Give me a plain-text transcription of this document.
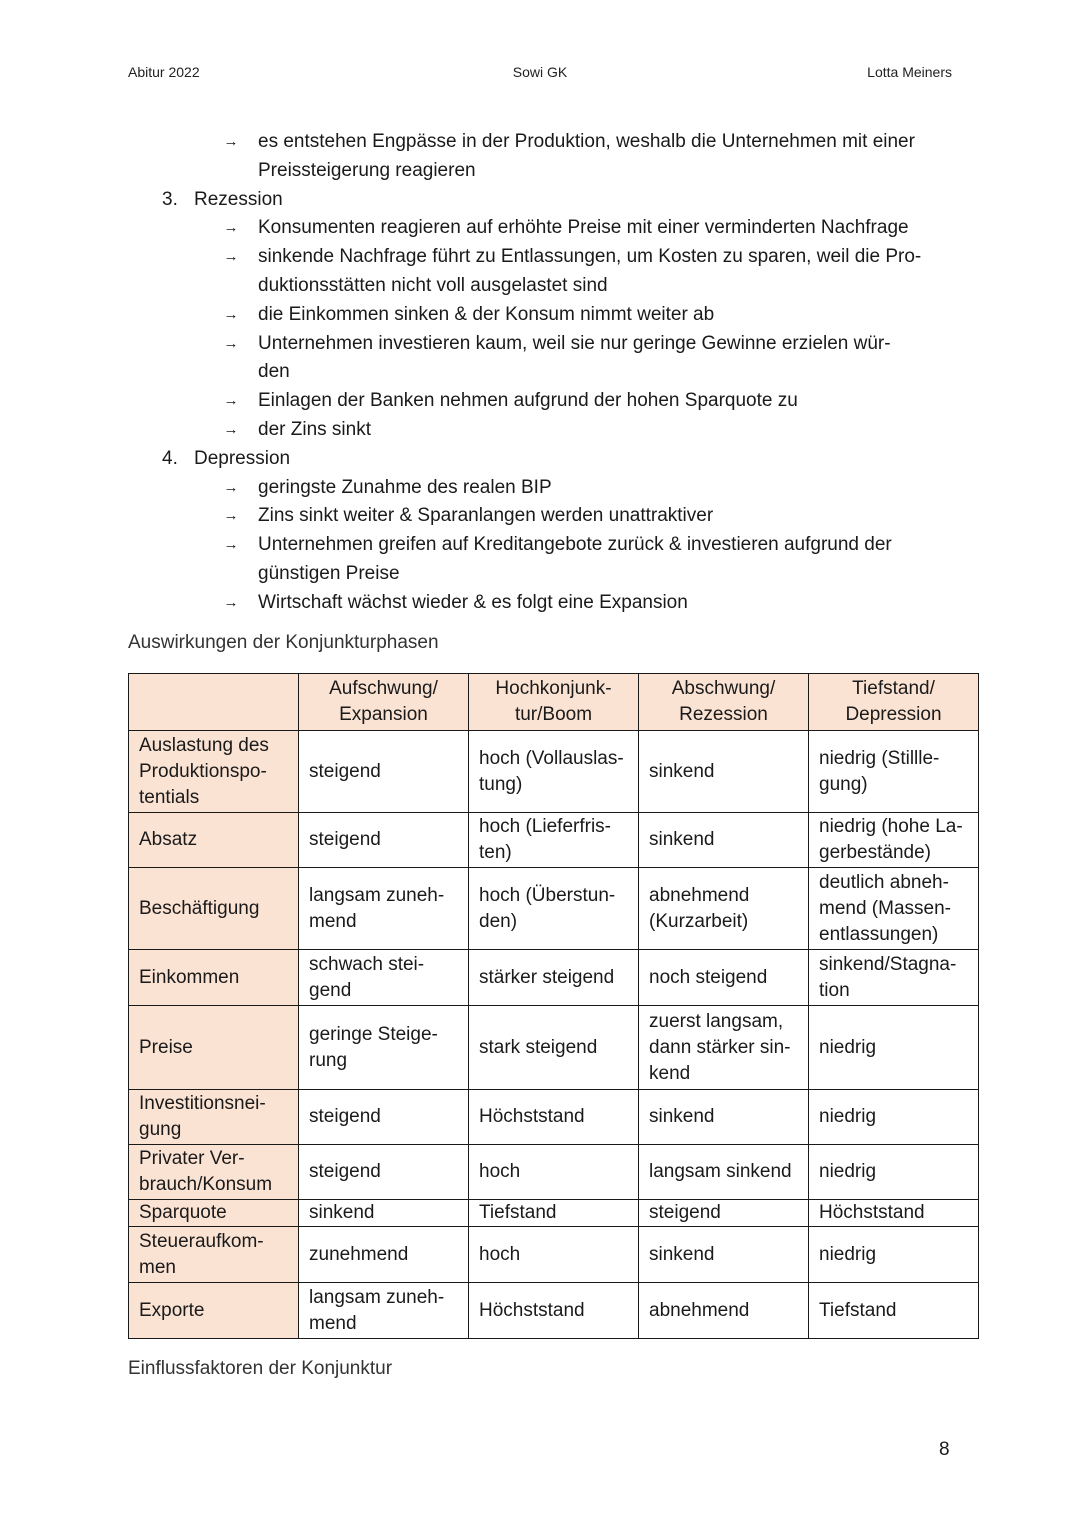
Abitur 2022	Sowi GK	Lotta Meiners
→ es entstehen Engpässe in der Produktion, weshalb die Unternehmen mit einer
Preissteigerung reagieren
3. Rezession
→ Konsumenten reagieren auf erhöhte Preise mit einer verminderten Nachfrage
→ sinkende Nachfrage führt zu Entlassungen, um Kosten zu sparen, weil die Pro-
duktionsstätten nicht voll ausgelastet sind
→ die Einkommen sinken & der Konsum nimmt weiter ab
→ Unternehmen investieren kaum, weil sie nur geringe Gewinne erzielen wür-
den
→ Einlagen der Banken nehmen aufgrund der hohen Sparquote zu
→ der Zins sinkt
4. Depression
→ geringste Zunahme des realen BIP
→ Zins sinkt weiter & Sparanlangen werden unattraktiver
→ Unternehmen greifen auf Kreditangebote zurück & investieren aufgrund der
günstigen Preise
→ Wirtschaft wächst wieder & es folgt eine Expansion
Auswirkungen der Konjunkturphasen
	Aufschwung/
Expansion	Hochkonjunk-
tur/Boom	Abschwung/
Rezession	Tiefstand/
Depression
Auslastung des
Produktionspo-
tentials	steigend	hoch (Vollauslas-
tung)	sinkend	niedrig (Stillle-
gung)
Absatz	steigend	hoch (Lieferfris-
ten)	sinkend	niedrig (hohe La-
gerbestände)
Beschäftigung	langsam zuneh-
mend	hoch (Überstun-
den)	abnehmend
(Kurzarbeit)	deutlich abneh-
mend (Massen-
entlassungen)
Einkommen	schwach stei-
gend	stärker steigend	noch steigend	sinkend/Stagna-
tion
Preise	geringe Steige-
rung	stark steigend	zuerst langsam,
dann stärker sin-
kend	niedrig
Investitionsnei-
gung	steigend	Höchststand	sinkend	niedrig
Privater Ver-
brauch/Konsum	steigend	hoch	langsam sinkend	niedrig
Sparquote	sinkend	Tiefstand	steigend	Höchststand
Steueraufkom-
men	zunehmend	hoch	sinkend	niedrig
Exporte	langsam zuneh-
mend	Höchststand	abnehmend	Tiefstand
Einflussfaktoren der Konjunktur
8
